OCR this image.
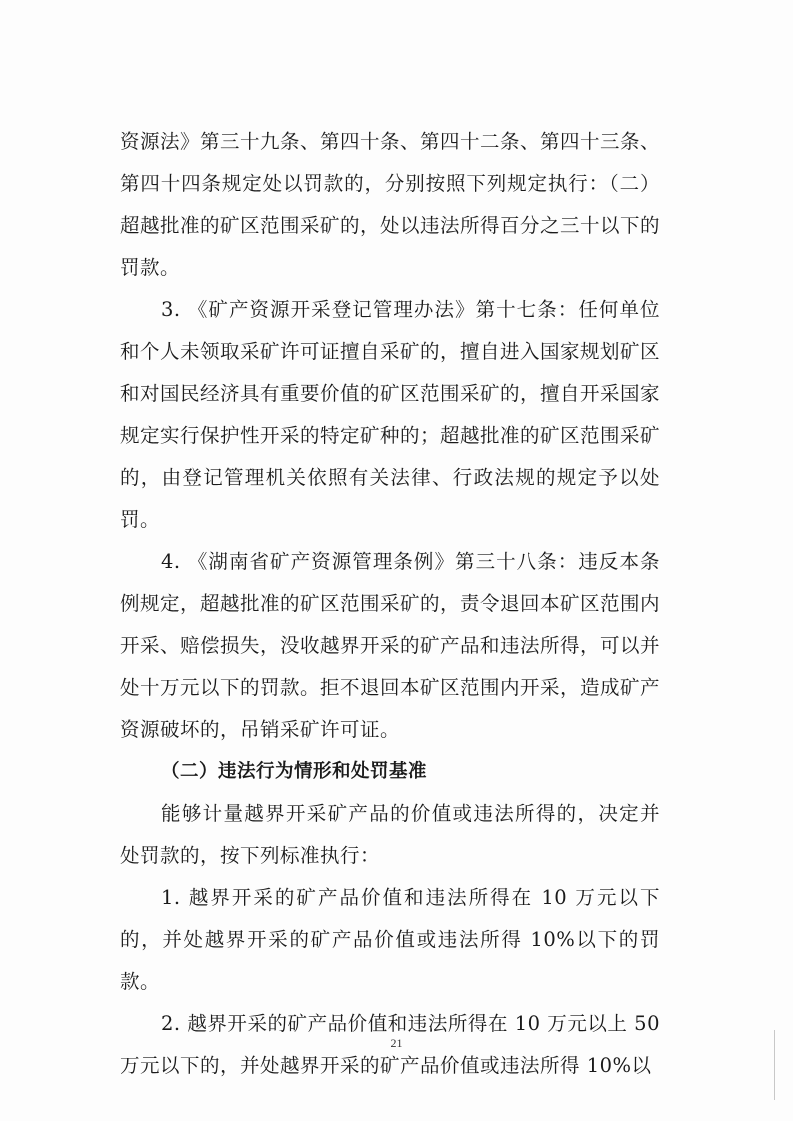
资源法》第三十九条、第四十条、第四十二条、第四十三条、第四十四条规定处以罚款的，分别按照下列规定执行：（二）超越批准的矿区范围采矿的，处以违法所得百分之三十以下的罚款。

3. 《矿产资源开采登记管理办法》第十七条：任何单位和个人未领取采矿许可证擅自采矿的，擅自进入国家规划矿区和对国民经济具有重要价值的矿区范围采矿的，擅自开采国家规定实行保护性开采的特定矿种的；超越批准的矿区范围采矿的，由登记管理机关依照有关法律、行政法规的规定予以处罚。

4. 《湖南省矿产资源管理条例》第三十八条：违反本条例规定，超越批准的矿区范围采矿的，责令退回本矿区范围内开采、赔偿损失，没收越界开采的矿产品和违法所得，可以并处十万元以下的罚款。拒不退回本矿区范围内开采，造成矿产资源破坏的，吊销采矿许可证。

（二）违法行为情形和处罚基准

能够计量越界开采矿产品的价值或违法所得的，决定并处罚款的，按下列标准执行：

1. 越界开采的矿产品价值和违法所得在 10 万元以下的，并处越界开采的矿产品价值或违法所得 10%以下的罚款。

2. 越界开采的矿产品价值和违法所得在 10 万元以上 50 万元以下的，并处越界开采的矿产品价值或违法所得 10%以

21
